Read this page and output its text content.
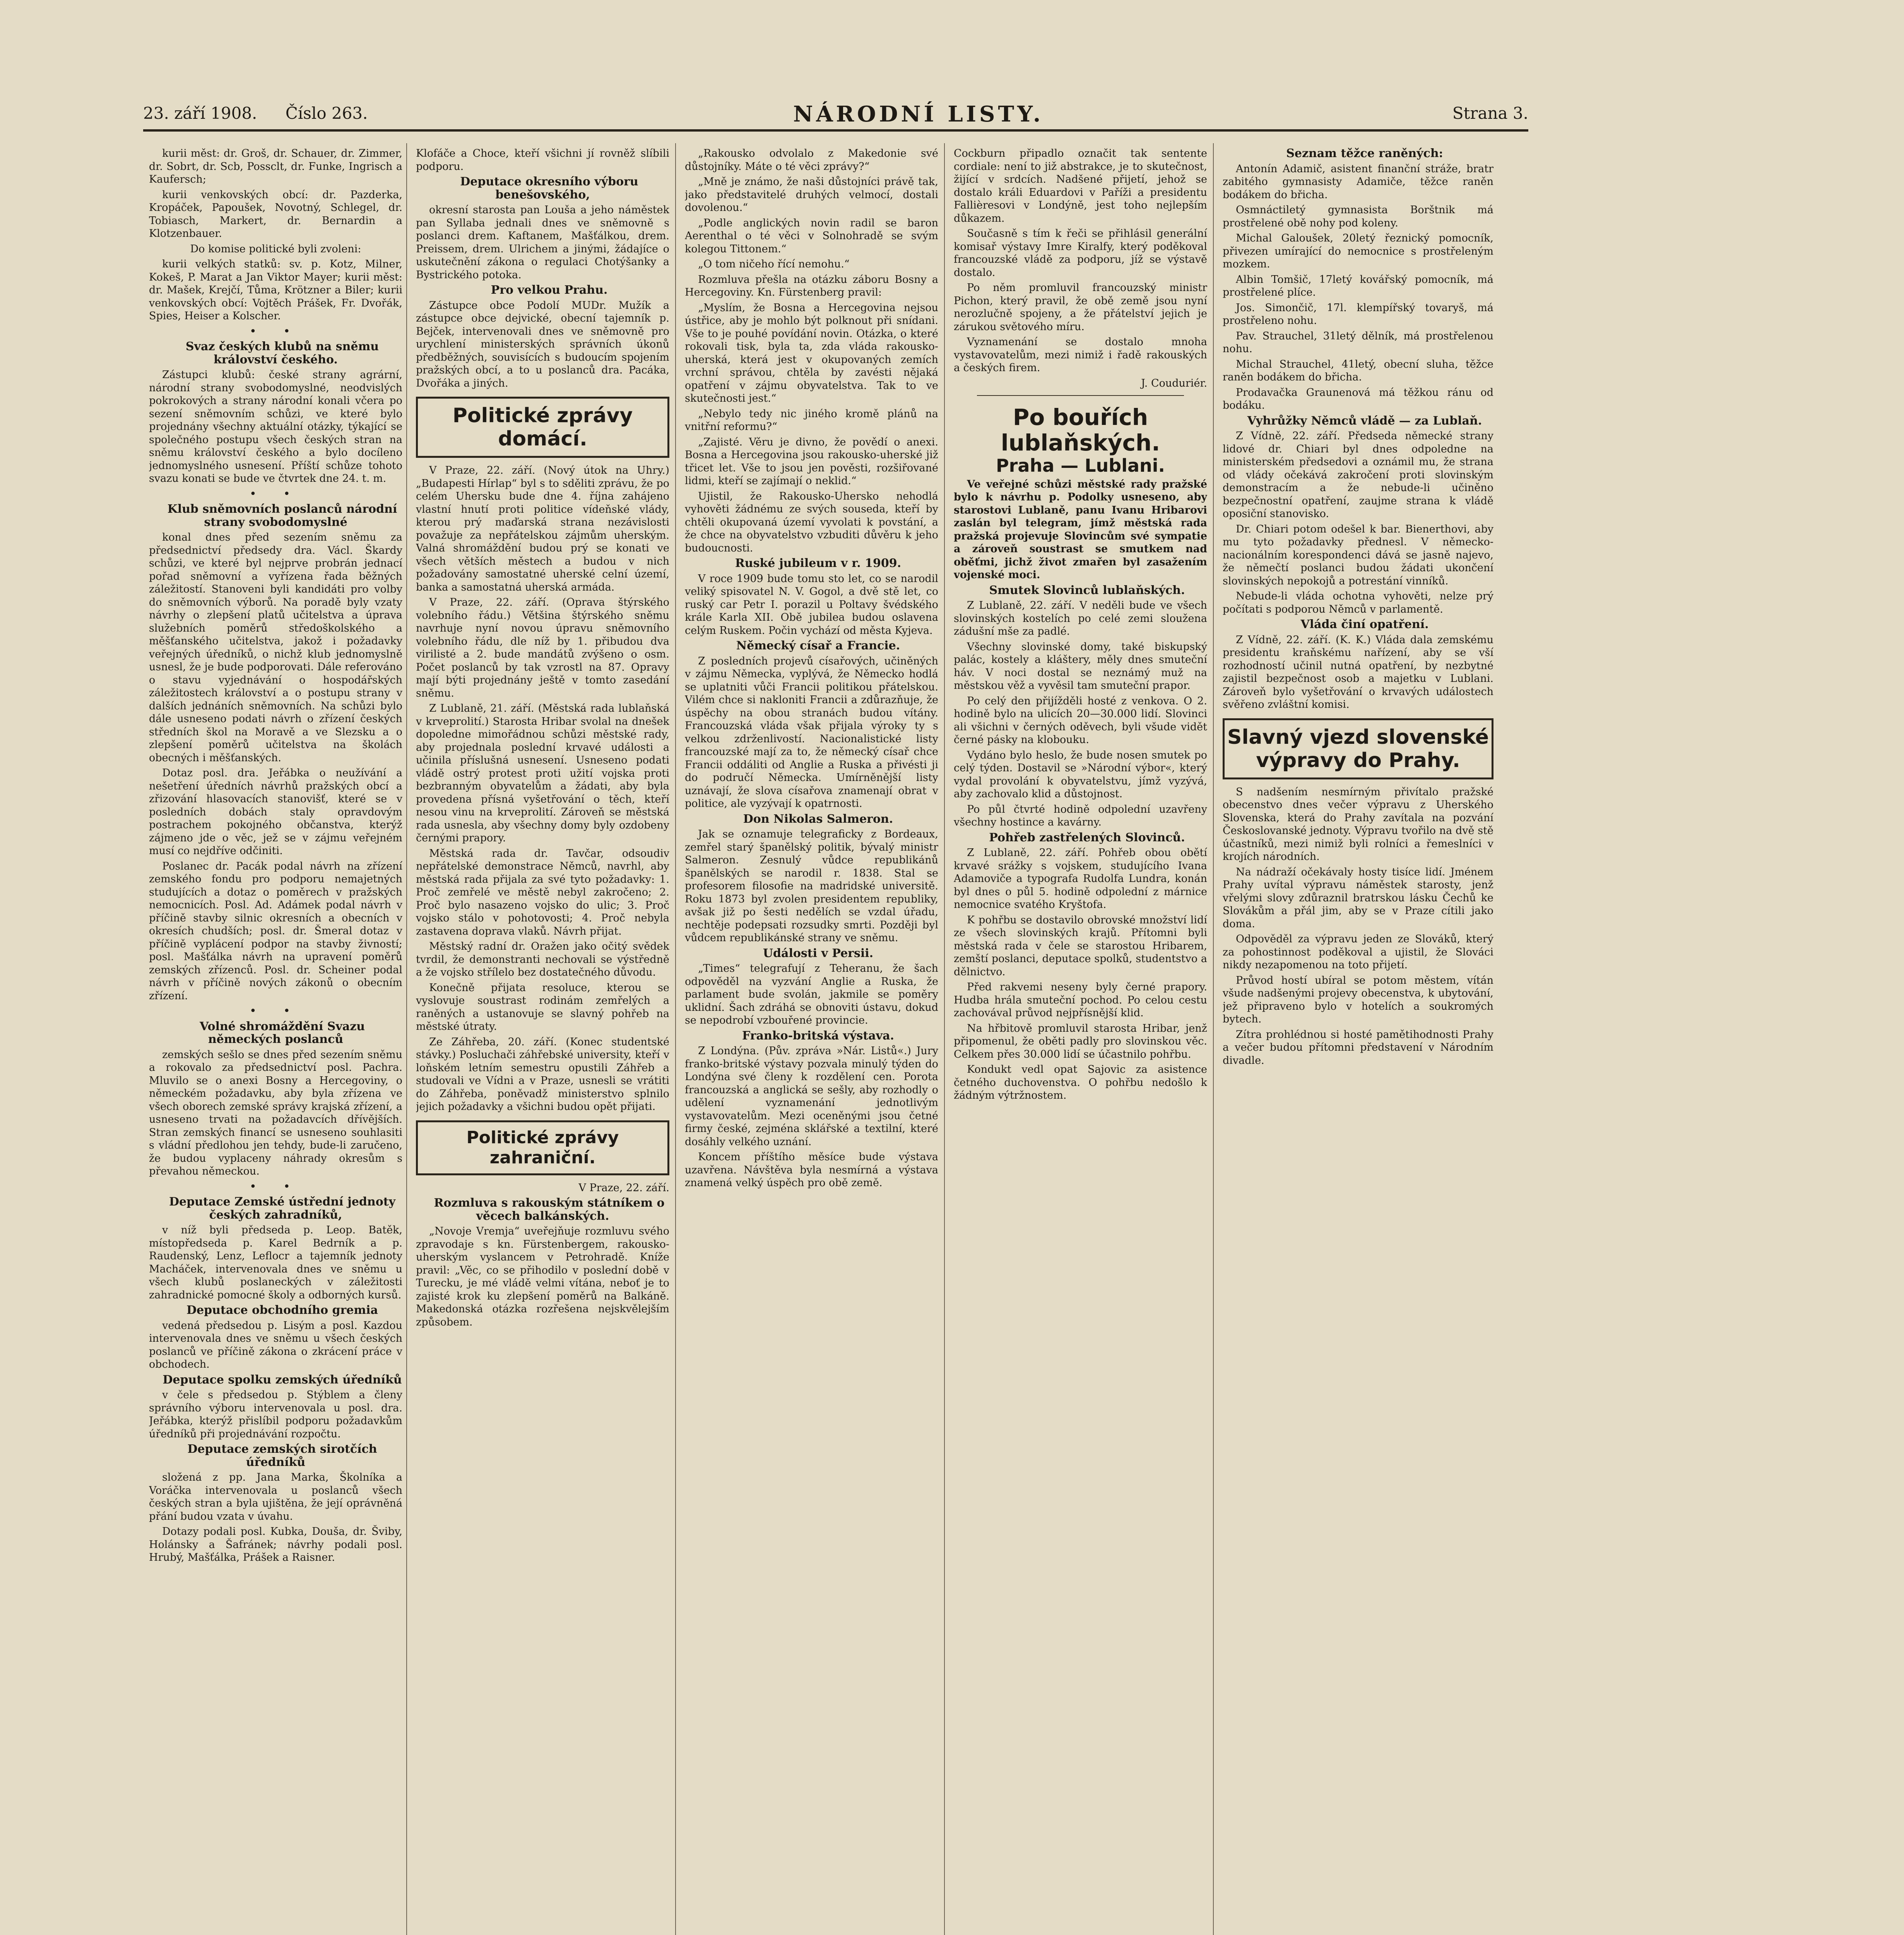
23. září 1908. Číslo 263.	NÁRODNÍ LISTY.	Strana 3.

kurii měst: dr. Groš, dr. Schauer, dr. Zimmer, dr. Sobrt, dr. Scb, Possclt, dr. Funke, Ingrisch a Kaufersch;

kurii venkovských obcí: dr. Pazderka, Kropáček, Papoušek, Novotný, Schlegel, dr. Tobiasch, Markert, dr. Bernardin a Klotzenbauer.

Do komise politické byli zvoleni:

kurii velkých statků: sv. p. Kotz, Milner, Kokeš, P. Marat a Jan Viktor Mayer; kurii měst: dr. Mašek, Krejčí, Tůma, Krötzner a Biler; kurii venkovských obcí: Vojtěch Prášek, Fr. Dvořák, Spies, Heiser a Kolscher.

• •

Svaz českých klubů na sněmu království českého.

Zástupci klubů: české strany agrární, národní strany svobodomyslné, neodvislých pokrokových a strany národní konali včera po sezení sněmovním schůzi, ve které bylo projednány všechny aktuální otázky, týkající se společného postupu všech českých stran na sněmu království českého a bylo docíleno jednomyslného usnesení. Příští schůze tohoto svazu konati se bude ve čtvrtek dne 24. t. m.

• •

Klub sněmovních poslanců národní strany svobodomyslné

konal dnes před sezením sněmu za předsednictví předsedy dra. Václ. Škardy schůzi, ve které byl nejprve probrán jednací pořad sněmovní a vyřízena řada běžných záležitostí. Stanoveni byli kandidáti pro volby do sněmovních výborů. Na poradě byly vzaty návrhy o zlepšení platů učitelstva a úprava služebních poměrů středoškolského a měšťanského učitelstva, jakož i požadavky veřejných úředníků, o nichž klub jednomyslně usnesl, že je bude podporovati. Dále referováno o stavu vyjednávání o hospodářských záležitostech království a o postupu strany v dalších jednáních sněmovních. Na schůzi bylo dále usneseno podati návrh o zřízení českých středních škol na Moravě a ve Slezsku a o zlepšení poměrů učitelstva na školách obecných i měšťanských.

Dotaz posl. dra. Jeřábka o neužívání a nešetření úředních návrhů pražských obcí a zřizování hlasovacích stanovišť, které se v posledních dobách staly opravdovým postrachem pokojného občanstva, kterýž zájmeno jde o věc, jež se v zájmu veřejném musí co nejdříve odčiniti.

Poslanec dr. Pacák podal návrh na zřízení zemského fondu pro podporu nemajetných studujících a dotaz o poměrech v pražských nemocnicích. Posl. Ad. Adámek podal návrh v příčině stavby silnic okresních a obecních v okresích chudších; posl. dr. Šmeral dotaz v příčině vyplácení podpor na stavby živností; posl. Mašťálka návrh na upravení poměrů zemských zřízenců. Posl. dr. Scheiner podal návrh v příčině nových zákonů o obecním zřízení.

• •

Volné shromáždění Svazu německých poslanců

zemských sešlo se dnes před sezením sněmu a rokovalo za předsednictví posl. Pachra. Mluvilo se o anexi Bosny a Hercegoviny, o německém požadavku, aby byla zřízena ve všech oborech zemské správy krajská zřízení, a usneseno trvati na požadavcích dřívějších. Stran zemských financí se usneseno souhlasiti s vládní předlohou jen tehdy, bude-li zaručeno, že budou vyplaceny náhrady okresům s převahou německou.

• •

Deputace Zemské ústřední jednoty českých zahradníků,

v níž byli předseda p. Leop. Batěk, místopředseda p. Karel Bedrník a p. Raudenský, Lenz, Leflocr a tajemník jednoty Macháček, intervenovala dnes ve sněmu u všech klubů poslaneckých v záležitosti zahradnické pomocné školy a odborných kursů.

Deputace obchodního gremia

vedená předsedou p. Lisým a posl. Kazdou intervenovala dnes ve sněmu u všech českých poslanců ve příčině zákona o zkrácení práce v obchodech.

Deputace spolku zemských úředníků

v čele s předsedou p. Stýblem a členy správního výboru intervenovala u posl. dra. Jeřábka, kterýž přislíbil podporu požadavkům úředníků při projednávání rozpočtu.

Deputace zemských sirotčích úředníků

složená z pp. Jana Marka, Školníka a Voráčka intervenovala u poslanců všech českých stran a byla ujištěna, že její oprávněná přání budou vzata v úvahu.

Dotazy podali posl. Kubka, Douša, dr. Šviby, Holánsky a Šafránek; návrhy podali posl. Hrubý, Mašťálka, Prášek a Raisner.

Klofáče a Choce, kteří všichni jí rovněž slíbili podporu.

Deputace okresního výboru benešovského,

okresní starosta pan Louša a jeho náměstek pan Syllaba jednali dnes ve sněmovně s poslanci drem. Kaftanem, Mašťálkou, drem. Preissem, drem. Ulrichem a jinými, žádajíce o uskutečnění zákona o regulaci Chotýšanky a Bystrického potoka.

Pro velkou Prahu.

Zástupce obce Podolí MUDr. Mužík a zástupce obce dejvické, obecní tajemník p. Bejček, intervenovali dnes ve sněmovně pro urychlení ministerských správních úkonů předběžných, souvisících s budoucím spojením pražských obcí, a to u poslanců dra. Pacáka, Dvořáka a jiných.

Politické zprávy domácí.

V Praze, 22. září. (Nový útok na Uhry.) „Budapesti Hírlap“ byl s to sděliti zprávu, že po celém Uhersku bude dne 4. října zahájeno vlastní hnutí proti politice vídeňské vlády, kterou prý maďarská strana nezávislosti považuje za nepřátelskou zájmům uherským. Valná shromáždění budou prý se konati ve všech větších městech a budou v nich požadovány samostatné uherské celní území, banka a samostatná uherská armáda.

V Praze, 22. září. (Oprava štýrského volebního řádu.) Většina štýrského sněmu navrhuje nyní novou úpravu sněmovního volebního řádu, dle níž by 1. přibudou dva virilisté a 2. bude mandátů zvýšeno o osm. Počet poslanců by tak vzrostl na 87. Opravy mají býti projednány ještě v tomto zasedání sněmu.

Z Lublaně, 21. září. (Městská rada lublaňská v krveprolití.) Starosta Hribar svolal na dnešek dopoledne mimořádnou schůzi městské rady, aby projednala poslední krvavé události a učinila příslušná usnesení. Usneseno podati vládě ostrý protest proti užití vojska proti bezbranným obyvatelům a žádati, aby byla provedena přísná vyšetřování o těch, kteří nesou vinu na krveprolití. Zároveň se městská rada usnesla, aby všechny domy byly ozdobeny černými prapory.

Městská rada dr. Tavčar, odsoudiv nepřátelské demonstrace Němců, navrhl, aby městská rada přijala za své tyto požadavky: 1. Proč zemřelé ve městě nebyl zakročeno; 2. Proč bylo nasazeno vojsko do ulic; 3. Proč vojsko stálo v pohotovosti; 4. Proč nebyla zastavena doprava vlaků. Návrh přijat.

Městský radní dr. Oražen jako očitý svědek tvrdil, že demonstranti nechovali se výstředně a že vojsko střílelo bez dostatečného důvodu.

Konečně přijata resoluce, kterou se vyslovuje soustrast rodinám zemřelých a raněných a ustanovuje se slavný pohřeb na městské útraty.

Ze Záhřeba, 20. září. (Konec studentské stávky.) Posluchači záhřebské university, kteří v loňském letním semestru opustili Záhřeb a studovali ve Vídni a v Praze, usnesli se vrátiti do Záhřeba, poněvadž ministerstvo splnilo jejich požadavky a všichni budou opět přijati.

Politické zprávy zahraniční.

V Praze, 22. září.

Rozmluva s rakouským státníkem o věcech balkánských.

„Novoje Vremja“ uveřejňuje rozmluvu svého zpravodaje s kn. Fürstenbergem, rakousko-uherským vyslancem v Petrohradě. Kníže pravil: „Věc, co se přihodilo v poslední době v Turecku, je mé vládě velmi vítána, neboť je to zajisté krok ku zlepšení poměrů na Balkáně. Makedonská otázka rozřešena nejskvělejším způsobem.

„Rakousko odvolalo z Makedonie své důstojníky. Máte o té věci zprávy?“

„Mně je známo, že naši důstojníci právě tak, jako představitelé druhých velmocí, dostali dovolenou.“

„Podle anglických novin radil se baron Aerenthal o té věci v Solnohradě se svým kolegou Tittonem.“

„O tom ničeho řící nemohu.“

Rozmluva přešla na otázku záboru Bosny a Hercegoviny. Kn. Fürstenberg pravil:

„Myslím, že Bosna a Hercegovina nejsou ústřice, aby je mohlo být polknout při snídani. Vše to je pouhé povídání novin. Otázka, o které rokovali tisk, byla ta, zda vláda rakousko-uherská, která jest v okupovaných zemích vrchní správou, chtěla by zavésti nějaká opatření v zájmu obyvatelstva. Tak to ve skutečnosti jest.“

„Nebylo tedy nic jiného kromě plánů na vnitřní reformu?“

„Zajisté. Věru je divno, že povědí o anexi. Bosna a Hercegovina jsou rakousko-uherské již třicet let. Vše to jsou jen pověsti, rozšiřované lidmi, kteří se zajímají o neklid.“

Ujistil, že Rakousko-Uhersko nehodlá vyhověti žádnému ze svých souseda, kteří by chtěli okupovaná území vyvolati k povstání, a že chce na obyvatelstvo vzbuditi důvěru k jeho budoucnosti.

Ruské jubileum v r. 1909.

V roce 1909 bude tomu sto let, co se narodil veliký spisovatel N. V. Gogol, a dvě stě let, co ruský car Petr I. porazil u Poltavy švédského krále Karla XII. Obě jubilea budou oslavena celým Ruskem. Počin vychází od města Kyjeva.

Německý císař a Francie.

Z posledních projevů císařových, učiněných v zájmu Německa, vyplývá, že Německo hodlá se uplatniti vůči Francii politikou přátelskou. Vilém chce si nakloniti Francii a zdůrazňuje, že úspěchy na obou stranách budou vítány. Francouzská vláda však přijala výroky ty s velkou zdrženlivostí. Nacionalistické listy francouzské mají za to, že německý císař chce Francii oddáliti od Anglie a Ruska a přivésti ji do područí Německa. Umírněnější listy uznávají, že slova císařova znamenají obrat v politice, ale vyzývají k opatrnosti.

Don Nikolas Salmeron.

Jak se oznamuje telegraficky z Bordeaux, zemřel starý španělský politik, bývalý ministr Salmeron. Zesnulý vůdce republikánů španělských se narodil r. 1838. Stal se profesorem filosofie na madridské universitě. Roku 1873 byl zvolen presidentem republiky, avšak již po šesti nedělích se vzdal úřadu, nechtěje podepsati rozsudky smrti. Později byl vůdcem republikánské strany ve sněmu.

Události v Persii.

„Times“ telegrafují z Teheranu, že šach odpověděl na vyzvání Anglie a Ruska, že parlament bude svolán, jakmile se poměry uklidní. Šach zdráhá se obnoviti ústavu, dokud se nepodrobí vzbouřené provincie.

Franko-britská výstava.

Z Londýna. (Pův. zpráva »Nár. Listů«.) Jury franko-britské výstavy pozvala minulý týden do Londýna své členy k rozdělení cen. Porota francouzská a anglická se sešly, aby rozhodly o udělení vyznamenání jednotlivým vystavovatelům. Mezi oceněnými jsou četné firmy české, zejména sklářské a textilní, které dosáhly velkého uznání.

Koncem příštího měsíce bude výstava uzavřena. Návštěva byla nesmírná a výstava znamená velký úspěch pro obě země.

Cockburn připadlo označit tak sentente cordiale: není to již abstrakce, je to skutečnost, žijící v srdcích. Nadšené přijetí, jehož se dostalo králi Eduardovi v Paříži a presidentu Fallièresovi v Londýně, jest toho nejlepším důkazem.

Současně s tím k řeči se přihlásil generální komisař výstavy Imre Kiralfy, který poděkoval francouzské vládě za podporu, jíž se výstavě dostalo.

Po něm promluvil francouzský ministr Pichon, který pravil, že obě země jsou nyní nerozlučně spojeny, a že přátelství jejich je zárukou světového míru.

Vyznamenání se dostalo mnoha vystavovatelům, mezi nimiž i řadě rakouských a českých firem.

J. Couduriér.

Po bouřích lublaňských.
Praha — Lublani.

Ve veřejné schůzi městské rady pražské bylo k návrhu p. Podolky usneseno, aby starostovi Lublaně, panu Ivanu Hribarovi zaslán byl telegram, jímž městská rada pražská projevuje Slovincům své sympatie a zároveň soustrast se smutkem nad oběťmi, jichž život zmařen byl zasažením vojenské moci.

Smutek Slovinců lublaňských.

Z Lublaně, 22. září. V neděli bude ve všech slovinských kostelích po celé zemi sloužena zádušní mše za padlé.

Všechny slovinské domy, také biskupský palác, kostely a kláštery, měly dnes smuteční háv. V noci dostal se neznámý muž na městskou věž a vyvěsil tam smuteční prapor.

Po celý den přijížděli hosté z venkova. O 2. hodině bylo na ulicích 20—30.000 lidí. Slovinci ali všichni v černých oděvech, byli všude vidět černé pásky na klobouku.

Vydáno bylo heslo, že bude nosen smutek po celý týden. Dostavil se »Národní výbor«, který vydal provolání k obyvatelstvu, jímž vyzývá, aby zachovalo klid a důstojnost.

Po půl čtvrté hodině odpolední uzavřeny všechny hostince a kavárny.

Pohřeb zastřelených Slovinců.

Z Lublaně, 22. září. Pohřeb obou obětí krvavé srážky s vojskem, studujícího Ivana Adamoviče a typografa Rudolfa Lundra, konán byl dnes o půl 5. hodině odpolední z márnice nemocnice svatého Kryštofa.

K pohřbu se dostavilo obrovské množství lidí ze všech slovinských krajů. Přítomni byli městská rada v čele se starostou Hribarem, zemští poslanci, deputace spolků, studentstvo a dělnictvo.

Před rakvemi neseny byly černé prapory. Hudba hrála smuteční pochod. Po celou cestu zachovával průvod nejpřísnější klid.

Na hřbitově promluvil starosta Hribar, jenž připomenul, že oběti padly pro slovinskou věc. Celkem přes 30.000 lidí se účastnilo pohřbu.

Kondukt vedl opat Sajovic za asistence četného duchovenstva. O pohřbu nedošlo k žádným výtržnostem.

Seznam těžce raněných:

Antonín Adamič, asistent finanční stráže, bratr zabitého gymnasisty Adamiče, těžce raněn bodákem do břicha.

Osmnáctiletý gymnasista Borštnik má prostřelené obě nohy pod koleny.

Michal Galoušek, 20letý řeznický pomocník, přivezen umírající do nemocnice s prostřeleným mozkem.

Albin Tomšič, 17letý kovářský pomocník, má prostřelené plíce.

Jos. Simončič, 17l. klempířský tovaryš, má prostřeleno nohu.

Pav. Strauchel, 31letý dělník, má prostřelenou nohu.

Michal Strauchel, 41letý, obecní sluha, těžce raněn bodákem do břicha.

Prodavačka Graunenová má těžkou ránu od bodáku.

Vyhrůžky Němců vládě — za Lublaň.

Z Vídně, 22. září. Předseda německé strany lidové dr. Chiari byl dnes odpoledne na ministerském předsedovi a oznámil mu, že strana od vlády očekává zakročení proti slovinským demonstracím a že nebude-li učiněno bezpečnostní opatření, zaujme strana k vládě oposiční stanovisko.

Dr. Chiari potom odešel k bar. Bienerthovi, aby mu tyto požadavky přednesl. V německo-nacionálním korespondenci dává se jasně najevo, že němečtí poslanci budou žádati ukončení slovinských nepokojů a potrestání vinníků.

Nebude-li vláda ochotna vyhověti, nelze prý počítati s podporou Němců v parlamentě.

Vláda činí opatření.

Z Vídně, 22. září. (K. K.) Vláda dala zemskému presidentu kraňskému nařízení, aby se vší rozhodností učinil nutná opatření, by nezbytné zajistil bezpečnost osob a majetku v Lublani. Zároveň bylo vyšetřování o krvavých událostech svěřeno zvláštní komisi.

Slavný vjezd slovenské výpravy do Prahy.

S nadšením nesmírným přivítalo pražské obecenstvo dnes večer výpravu z Uherského Slovenska, která do Prahy zavítala na pozvání Českoslovanské jednoty. Výpravu tvořilo na dvě stě účastníků, mezi nimiž byli rolníci a řemeslníci v krojích národních.

Na nádraží očekávaly hosty tisíce lidí. Jménem Prahy uvítal výpravu náměstek starosty, jenž vřelými slovy zdůraznil bratrskou lásku Čechů ke Slovákům a přál jim, aby se v Praze cítili jako doma.

Odpověděl za výpravu jeden ze Slováků, který za pohostinnost poděkoval a ujistil, že Slováci nikdy nezapomenou na toto přijetí.

Průvod hostí ubíral se potom městem, vítán všude nadšenými projevy obecenstva, k ubytování, jež připraveno bylo v hotelích a soukromých bytech.

Zítra prohlédnou si hosté pamětihodnosti Prahy a večer budou přítomni představení v Národním divadle.
